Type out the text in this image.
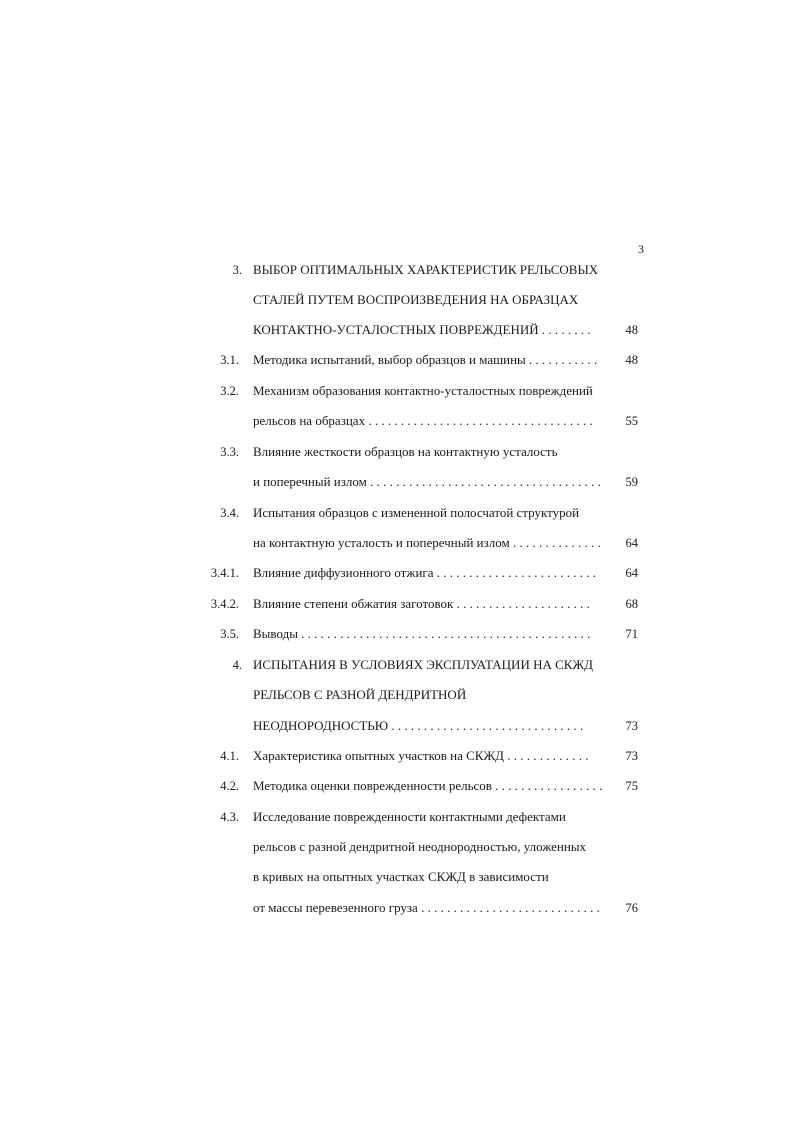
3
3. ВЫБОР ОПТИМАЛЬНЫХ ХАРАКТЕРИСТИК РЕЛЬСОВЫХ
СТАЛЕЙ ПУТЕМ ВОСПРОИЗВЕДЕНИЯ НА ОБРАЗЦАХ
КОНТАКТНО-УСТАЛОСТНЫХ ПОВРЕЖДЕНИЙ . . . . . . . .	48
3.1. Методика испытаний, выбор образцов и машины . . . . . . . . . . .	48
3.2. Механизм образования контактно-усталостных повреждений
рельсов на образцах . . . . . . . . . . . . . . . . . . . . . . . . . . . . . . . . . . .	55
3.3. Влияние жесткости образцов на контактную усталость
и поперечный излом . . . . . . . . . . . . . . . . . . . . . . . . . . . . . . . . . . . .	59
3.4. Испытания образцов с измененной полосчатой структурой
на контактную усталость и поперечный излом . . . . . . . . . . . . . .	64
3.4.1. Влияние диффузионного отжига . . . . . . . . . . . . . . . . . . . . . . . . .	64
3.4.2. Влияние степени обжатия заготовок . . . . . . . . . . . . . . . . . . . . .	68
3.5. Выводы . . . . . . . . . . . . . . . . . . . . . . . . . . . . . . . . . . . . . . . . . . . . .	71
4. ИСПЫТАНИЯ В УСЛОВИЯХ ЭКСПЛУАТАЦИИ НА СКЖД
РЕЛЬСОВ С РАЗНОЙ ДЕНДРИТНОЙ
НЕОДНОРОДНОСТЬЮ . . . . . . . . . . . . . . . . . . . . . . . . . . . . . .	73
4.1. Характеристика опытных участков на СКЖД . . . . . . . . . . . . .	73
4.2. Методика оценки поврежденности рельсов . . . . . . . . . . . . . . . . .	75
4.3. Исследование поврежденности контактными дефектами
рельсов с разной дендритной неоднородностью, уложенных
в кривых на опытных участках СКЖД в зависимости
от массы перевезенного груза . . . . . . . . . . . . . . . . . . . . . . . . . . . .	76
